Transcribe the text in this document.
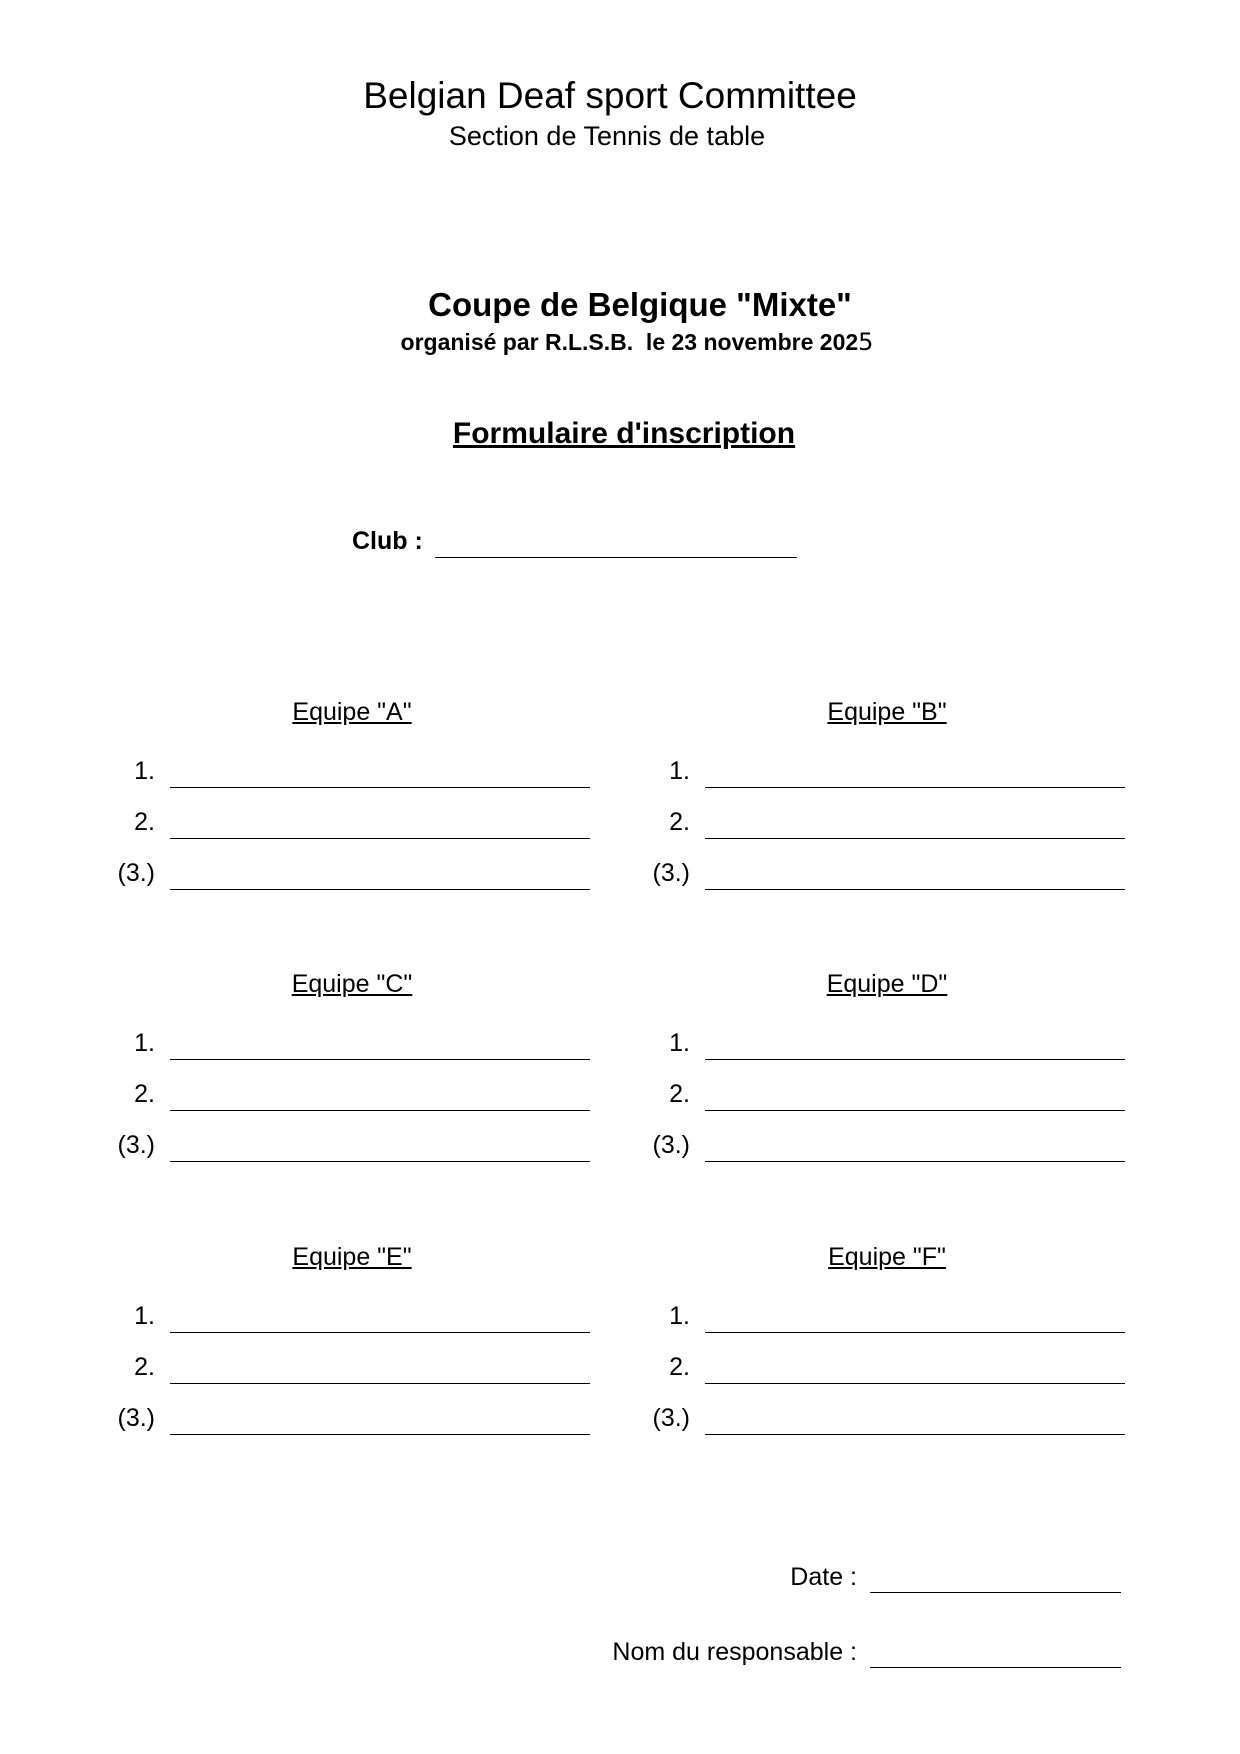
Belgian Deaf sport Committee
Section de Tennis de table
Coupe de Belgique "Mixte"
organisé par R.L.S.B.  le 23 novembre 2025
Formulaire d'inscription
Club :
Equipe "A"
1.
2.
(3.)
Equipe "B"
1.
2.
(3.)
Equipe "C"
1.
2.
(3.)
Equipe "D"
1.
2.
(3.)
Equipe "E"
1.
2.
(3.)
Equipe "F"
1.
2.
(3.)
Date :
Nom du responsable :
